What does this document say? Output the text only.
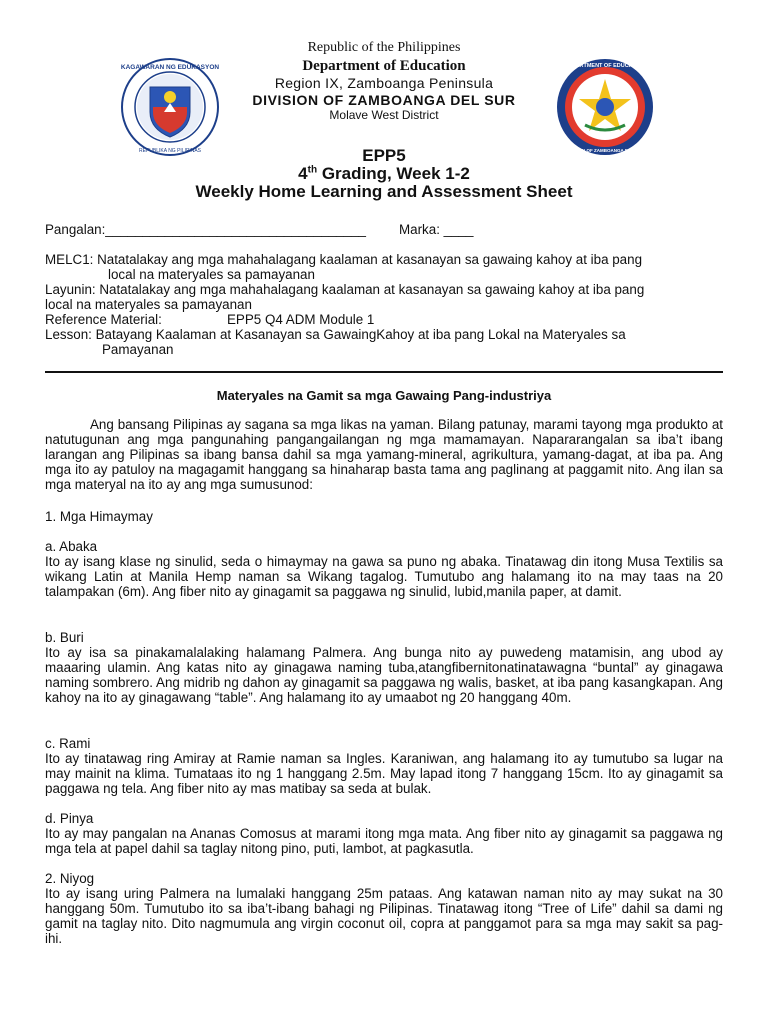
KAGAWARAN NG EDUKASYON
REPUBLIKA NG PILIPINAS
DEPARTMENT OF EDUCATION
DIVISION OF ZAMBOANGA DEL SUR
Republic of the Philippines
Department of Education
Region IX, Zamboanga Peninsula
DIVISION OF ZAMBOANGA DEL SUR
Molave West District
EPP5
4th Grading, Week 1-2
Weekly Home Learning and Assessment Sheet
Pangalan:___________________________________ Marka: ____
MELC1: Natatalakay ang mga mahahalagang kaalaman at kasanayan sa gawaing kahoy at iba pang
local na materyales sa pamayanan
Layunin: Natatalakay ang mga mahahalagang kaalaman at kasanayan sa gawaing kahoy at iba pang
local na materyales sa pamayanan
Reference Material:	EPP5 Q4 ADM Module 1
Lesson: Batayang Kaalaman at Kasanayan sa GawaingKahoy at iba pang Lokal na Materyales sa
Pamayanan
Materyales na Gamit sa mga Gawaing Pang-industriya
Ang bansang Pilipinas ay sagana sa mga likas na yaman. Bilang patunay, marami tayong mga produkto at natutugunan ang mga pangunahing pangangailangan ng mga mamamayan. Napararangalan sa iba’t ibang larangan ang Pilipinas sa ibang bansa dahil sa mga yamang-mineral, agrikultura, yamang-dagat, at iba pa. Ang mga ito ay patuloy na magagamit hanggang sa hinaharap basta tama ang paglinang at paggamit nito. Ang ilan sa mga materyal na ito ay ang mga sumusunod:
1. Mga Himaymay
a. Abaka
Ito ay isang klase ng sinulid, seda o himaymay na gawa sa puno ng abaka. Tinatawag din itong Musa Textilis sa wikang Latin at Manila Hemp naman sa Wikang tagalog. Tumutubo ang halamang ito na may taas na 20 talampakan (6m). Ang fiber nito ay ginagamit sa paggawa ng sinulid, lubid,manila paper, at damit.
b. Buri
Ito ay isa sa pinakamalalaking halamang Palmera. Ang bunga nito ay puwedeng matamisin, ang ubod ay maaaring ulamin. Ang katas nito ay ginagawa naming tuba,atangfibernitonatinatawagna “buntal” ay ginagawa naming sombrero. Ang midrib ng dahon ay ginagamit sa paggawa ng walis, basket, at iba pang kasangkapan. Ang kahoy na ito ay ginagawang “table”. Ang halamang ito ay umaabot ng 20 hanggang 40m.
c. Rami
Ito ay tinatawag ring Amiray at Ramie naman sa Ingles. Karaniwan, ang halamang ito ay tumutubo sa lugar na may mainit na klima. Tumataas ito ng 1 hanggang 2.5m. May lapad itong 7 hanggang 15cm. Ito ay ginagamit sa paggawa ng tela. Ang fiber nito ay mas matibay sa seda at bulak.
d. Pinya
Ito ay may pangalan na Ananas Comosus at marami itong mga mata. Ang fiber nito ay ginagamit sa paggawa ng mga tela at papel dahil sa taglay nitong pino, puti, lambot, at pagkasutla.
2. Niyog
Ito ay isang uring Palmera na lumalaki hanggang 25m pataas. Ang katawan naman nito ay may sukat na 30 hanggang 50m. Tumutubo ito sa iba’t-ibang bahagi ng Pilipinas. Tinatawag itong “Tree of Life” dahil sa dami ng gamit na taglay nito. Dito nagmumula ang virgin coconut oil, copra at panggamot para sa mga may sakit sa pag-ihi.
